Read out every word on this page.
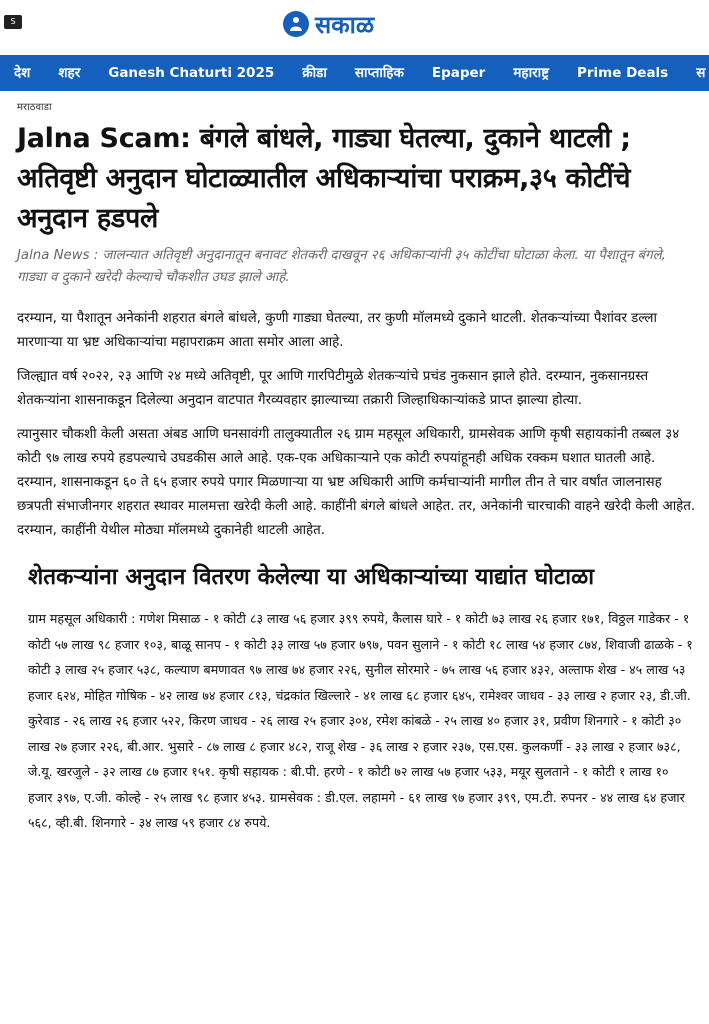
S	सकाळ
देश	शहर	Ganesh Chaturti 2025	क्रीडा	साप्ताहिक	Epaper	महाराष्ट्र	Prime Deals	स
मराठवाडा
Jalna Scam: बंगले बांधले, गाड्या घेतल्या, दुकाने थाटली ; अतिवृष्टी अनुदान घोटाळ्यातील अधिकाऱ्यांचा पराक्रम,३५ कोटींचे अनुदान हडपले

Jalna News : जालन्यात अतिवृष्टी अनुदानातून बनावट शेतकरी दाखवून २६ अधिकाऱ्यांनी ३५ कोटींचा घोटाळा केला. या पैशातून बंगले, गाड्या व दुकाने खरेदी केल्याचे चौकशीत उघड झाले आहे.

दरम्यान, या पैशातून अनेकांनी शहरात बंगले बांधले, कुणी गाड्या घेतल्या, तर कुणी मॉलमध्ये दुकाने थाटली. शेतकऱ्यांच्या पैशांवर डल्ला मारणाऱ्या या भ्रष्ट अधिकाऱ्यांचा महापराक्रम आता समोर आला आहे.

जिल्ह्यात वर्ष २०२२, २३ आणि २४ मध्ये अतिवृष्टी, पूर आणि गारपिटीमुळे शेतकऱ्यांचे प्रचंड नुकसान झाले होते. दरम्यान, नुकसानग्रस्त शेतकऱ्यांना शासनाकडून दिलेल्या अनुदान वाटपात गैरव्यवहार झाल्याच्या तक्रारी जिल्हाधिकाऱ्यांकडे प्राप्त झाल्या होत्या.

त्यानुसार चौकशी केली असता अंबड आणि घनसावंगी तालुक्यातील २६ ग्राम महसूल अधिकारी, ग्रामसेवक आणि कृषी सहायकांनी तब्बल ३४ कोटी ९७ लाख रुपये हडपल्याचे उघडकीस आले आहे. एक-एक अधिकाऱ्याने एक कोटी रुपयांहूनही अधिक रक्कम घशात घातली आहे. दरम्यान, शासनाकडून ६० ते ६५ हजार रुपये पगार मिळणाऱ्या या भ्रष्ट अधिकारी आणि कर्मचाऱ्यांनी मागील तीन ते चार वर्षांत जालनासह छत्रपती संभाजीनगर शहरात स्थावर मालमत्ता खरेदी केली आहे. काहींनी बंगले बांधले आहेत. तर, अनेकांनी चारचाकी वाहने खरेदी केली आहेत. दरम्यान, काहींनी येथील मोठ्या मॉलमध्ये दुकानेही थाटली आहेत.

शेतकऱ्यांना अनुदान वितरण केलेल्या या अधिकाऱ्यांच्या याद्यांत घोटाळा

ग्राम महसूल अधिकारी : गणेश मिसाळ - १ कोटी ८३ लाख ५६ हजार ३९९ रुपये, कैलास घारे - १ कोटी ७३ लाख २६ हजार १७१, विठ्ठल गाडेकर - १ कोटी ५७ लाख ९८ हजार १०३, बाळू सानप - १ कोटी ३३ लाख ५७ हजार ७९७, पवन सुलाने - १ कोटी १८ लाख ५४ हजार ८७४, शिवाजी ढाळके - १ कोटी ३ लाख २५ हजार ५३८, कल्याण बमणावत ९७ लाख ७४ हजार २२६, सुनील सोरमारे - ७५ लाख ५६ हजार ४३२, अल्ताफ शेख - ४५ लाख ५३ हजार ६२४, मोहित गोषिक - ४२ लाख ७४ हजार ८१३, चंद्रकांत खिल्लारे - ४१ लाख ६८ हजार ६४५, रामेश्वर जाधव - ३३ लाख २ हजार २३, डी.जी. कुरेवाड - २६ लाख २६ हजार ५२२, किरण जाधव - २६ लाख २५ हजार ३०४, रमेश कांबळे - २५ लाख ४० हजार ३१, प्रवीण शिनगारे - १ कोटी ३० लाख २७ हजार २२६, बी.आर. भुसारे - ८७ लाख ८ हजार ४८२, राजू शेख - ३६ लाख २ हजार २३७, एस.एस. कुलकर्णी - ३३ लाख २ हजार ७३८, जे.यू. खरजुले - ३२ लाख ८७ हजार १५१. कृषी सहायक : बी.पी. हरणे - १ कोटी ७२ लाख ५७ हजार ५३३, मयूर सुलताने - १ कोटी १ लाख १० हजार ३९७, ए.जी. कोल्हे - २५ लाख ९८ हजार ४५३. ग्रामसेवक : डी.एल. लहामगे - ६१ लाख ९७ हजार ३९९, एम.टी. रुपनर - ४४ लाख ६४ हजार ५६८, व्ही.बी. शिनगारे - ३४ लाख ५९ हजार ८४ रुपये.
